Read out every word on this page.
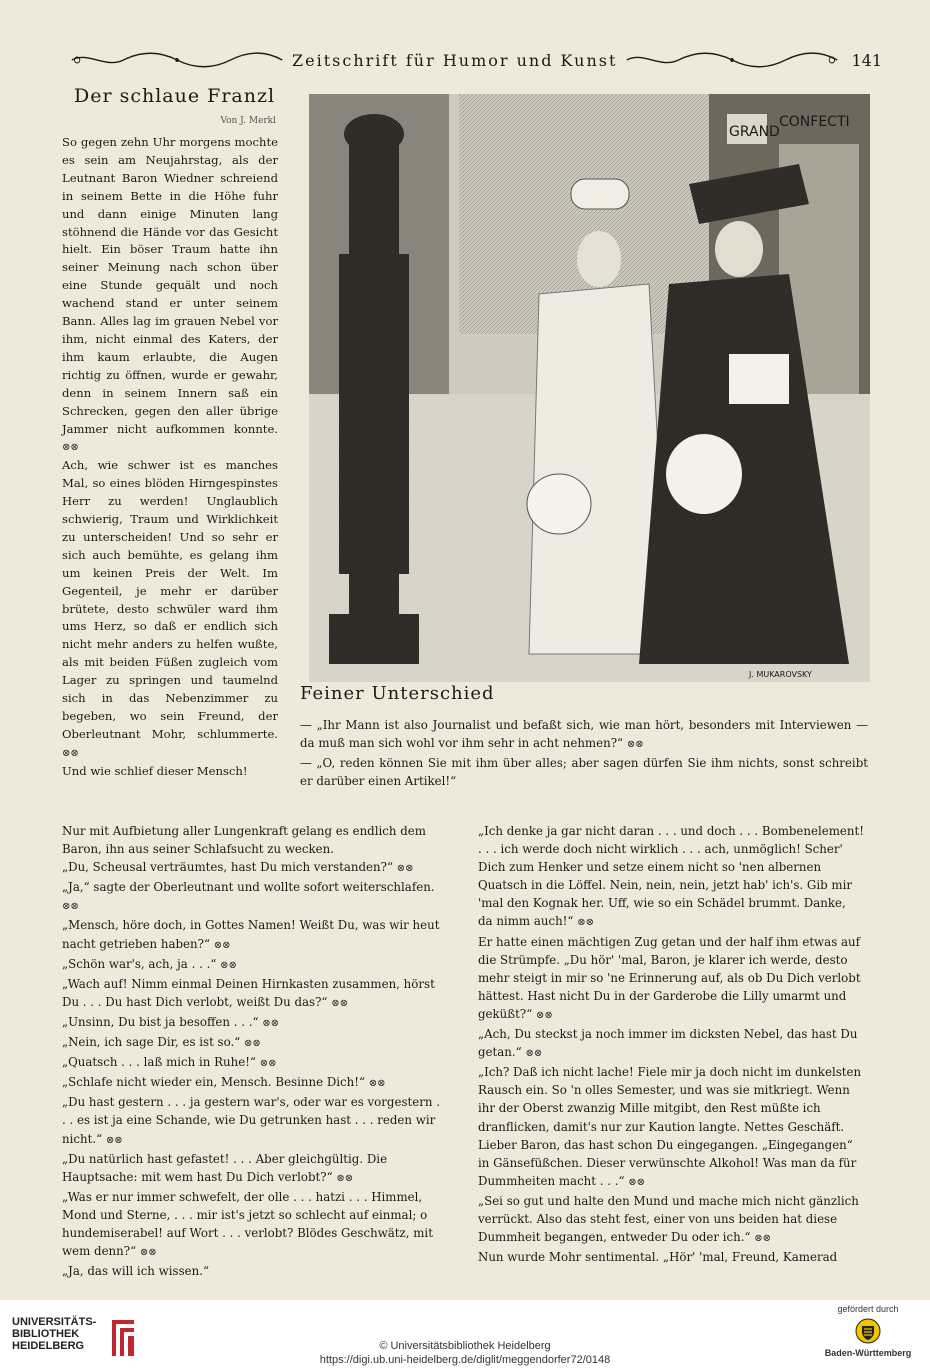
Zeitschrift für Humor und Kunst	141
Der schlaue Franzl
Von J. Merkl

So gegen zehn Uhr morgens mochte es sein am Neujahrstag, als der Leutnant Baron Wiedner schreiend in seinem Bette in die Höhe fuhr und dann einige Minuten lang stöhnend die Hände vor das Gesicht hielt. Ein böser Traum hatte ihn seiner Meinung nach schon über eine Stunde gequält und noch wachend stand er unter seinem Bann. Alles lag im grauen Nebel vor ihm, nicht einmal des Katers, der ihm kaum erlaubte, die Augen richtig zu öffnen, wurde er gewahr, denn in seinem Innern saß ein Schrecken, gegen den aller übrige Jammer nicht aufkommen konnte. ⊗⊗

Ach, wie schwer ist es manches Mal, so eines blöden Hirngespinstes Herr zu werden! Unglaublich schwierig, Traum und Wirklichkeit zu unterscheiden! Und so sehr er sich auch bemühte, es gelang ihm um keinen Preis der Welt. Im Gegenteil, je mehr er darüber brütete, desto schwüler ward ihm ums Herz, so daß er endlich sich nicht mehr anders zu helfen wußte, als mit beiden Füßen zugleich vom Lager zu springen und taumelnd sich in das Nebenzimmer zu begeben, wo sein Freund, der Oberleutnant Mohr, schlummerte. ⊗⊗

Und wie schlief dieser Mensch!

GRAND
CONFECTI
J. MUKAROVSKY
Feiner Unterschied

— „Ihr Mann ist also Journalist und befaßt sich, wie man hört, besonders mit Interviewen — da muß man sich wohl vor ihm sehr in acht nehmen?“ ⊗⊗

— „O, reden können Sie mit ihm über alles; aber sagen dürfen Sie ihm nichts, sonst schreibt er darüber einen Artikel!“

Nur mit Aufbietung aller Lungenkraft gelang es endlich dem Baron, ihn aus seiner Schlafsucht zu wecken.

„Du, Scheusal verträumtes, hast Du mich verstanden?“ ⊗⊗

„Ja,“ sagte der Oberleutnant und wollte sofort weiterschlafen. ⊗⊗

„Mensch, höre doch, in Gottes Namen! Weißt Du, was wir heut nacht getrieben haben?“ ⊗⊗

„Schön war's, ach, ja . . .“ ⊗⊗

„Wach auf! Nimm einmal Deinen Hirnkasten zusammen, hörst Du . . . Du hast Dich verlobt, weißt Du das?“ ⊗⊗

„Unsinn, Du bist ja besoffen . . .“ ⊗⊗

„Nein, ich sage Dir, es ist so.“ ⊗⊗

„Quatsch . . . laß mich in Ruhe!“ ⊗⊗

„Schlafe nicht wieder ein, Mensch. Besinne Dich!“ ⊗⊗

„Du hast gestern . . . ja gestern war's, oder war es vorgestern . . . es ist ja eine Schande, wie Du getrunken hast . . . reden wir nicht.“ ⊗⊗

„Du natürlich hast gefastet! . . . Aber gleichgültig. Die Hauptsache: mit wem hast Du Dich verlobt?“ ⊗⊗

„Was er nur immer schwefelt, der olle . . . hatzi . . . Himmel, Mond und Sterne, . . . mir ist's jetzt so schlecht auf einmal; o hundemiserabel! auf Wort . . . verlobt? Blödes Geschwätz, mit wem denn?“ ⊗⊗

„Ja, das will ich wissen.“

„Ich denke ja gar nicht daran . . . und doch . . . Bombenelement! . . . ich werde doch nicht wirklich . . . ach, unmöglich! Scher' Dich zum Henker und setze einem nicht so 'nen albernen Quatsch in die Löffel. Nein, nein, nein, jetzt hab' ich's. Gib mir 'mal den Kognak her. Uff, wie so ein Schädel brummt. Danke, da nimm auch!“ ⊗⊗

Er hatte einen mächtigen Zug getan und der half ihm etwas auf die Strümpfe. „Du hör' 'mal, Baron, je klarer ich werde, desto mehr steigt in mir so 'ne Erinnerung auf, als ob Du Dich verlobt hättest. Hast nicht Du in der Garderobe die Lilly umarmt und geküßt?“ ⊗⊗

„Ach, Du steckst ja noch immer im dicksten Nebel, das hast Du getan.“ ⊗⊗

„Ich? Daß ich nicht lache! Fiele mir ja doch nicht im dunkelsten Rausch ein. So 'n olles Semester, und was sie mitkriegt. Wenn ihr der Oberst zwanzig Mille mitgibt, den Rest müßte ich dranflicken, damit's nur zur Kaution langte. Nettes Geschäft. Lieber Baron, das hast schon Du eingegangen. „Eingegangen“ in Gänsefüßchen. Dieser verwünschte Alkohol! Was man da für Dummheiten macht . . .“ ⊗⊗

„Sei so gut und halte den Mund und mache mich nicht gänzlich verrückt. Also das steht fest, einer von uns beiden hat diese Dummheit begangen, entweder Du oder ich.“ ⊗⊗

Nun wurde Mohr sentimental. „Hör' 'mal, Freund, Kamerad

UNIVERSITÄTS-
BIBLIOTHEK
HEIDELBERG	© Universitätsbibliothek Heidelberg
https://digi.ub.uni-heidelberg.de/diglit/meggendorfer72/0148
gefördert durch
Baden-Württemberg
